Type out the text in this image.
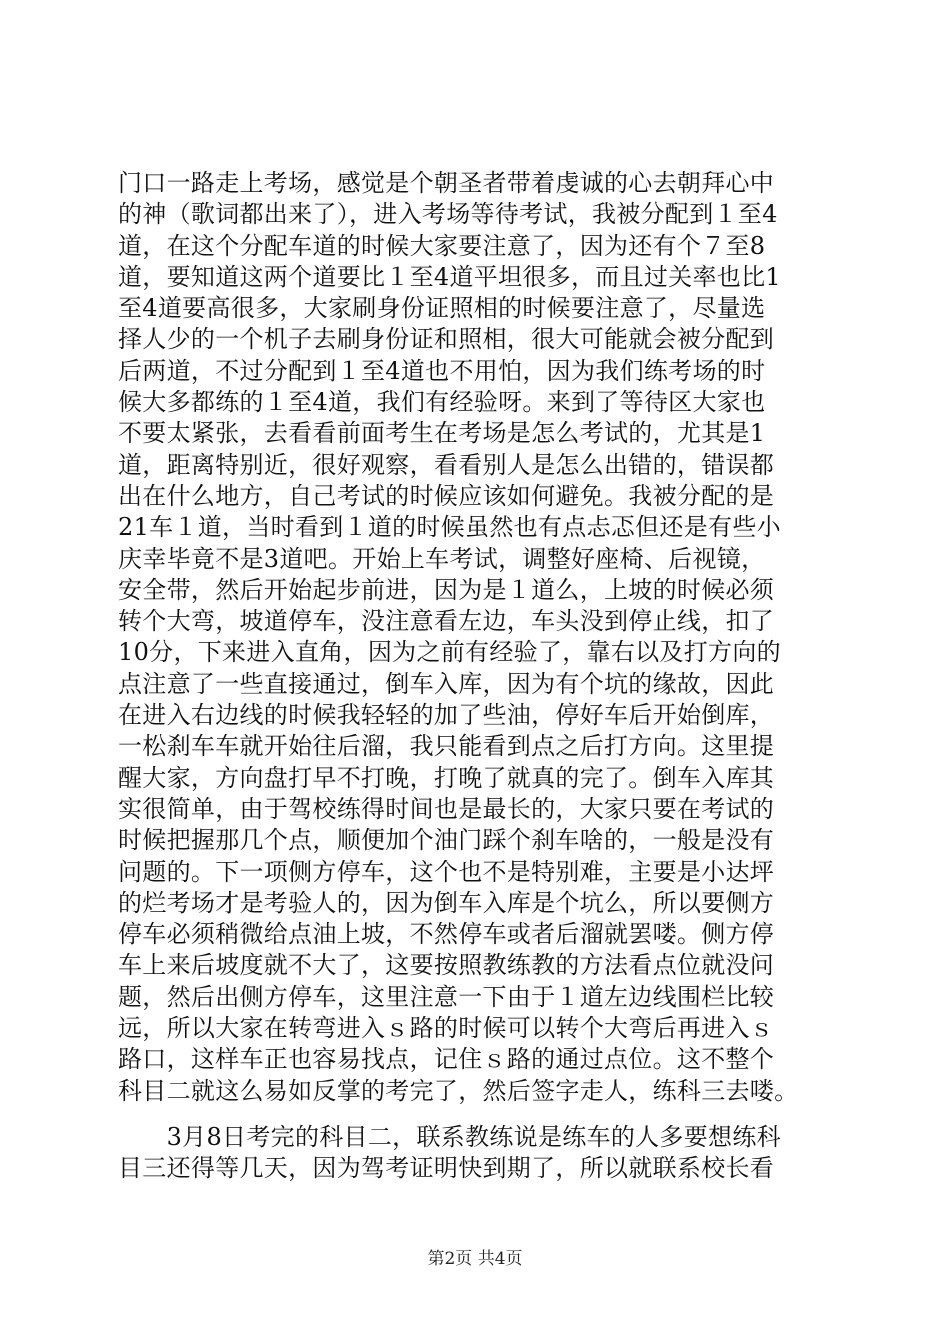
门口一路走上考场，感觉是个朝圣者带着虔诚的心去朝拜心中
的神（歌词都出来了），进入考场等待考试，我被分配到１至4
道，在这个分配车道的时候大家要注意了，因为还有个７至8
道，要知道这两个道要比１至4道平坦很多，而且过关率也比1
至4道要高很多，大家刷身份证照相的时候要注意了，尽量选
择人少的一个机子去刷身份证和照相，很大可能就会被分配到
后两道，不过分配到１至4道也不用怕，因为我们练考场的时
候大多都练的１至4道，我们有经验呀。来到了等待区大家也
不要太紧张，去看看前面考生在考场是怎么考试的，尤其是1
道，距离特别近，很好观察，看看别人是怎么出错的，错误都
出在什么地方，自己考试的时候应该如何避免。我被分配的是
21车１道，当时看到１道的时候虽然也有点忐忑但还是有些小
庆幸毕竟不是3道吧。开始上车考试，调整好座椅、后视镜，
安全带，然后开始起步前进，因为是１道么，上坡的时候必须
转个大弯，坡道停车，没注意看左边，车头没到停止线，扣了
10分，下来进入直角，因为之前有经验了，靠右以及打方向的
点注意了一些直接通过，倒车入库，因为有个坑的缘故，因此
在进入右边线的时候我轻轻的加了些油，停好车后开始倒库，
一松刹车车就开始往后溜，我只能看到点之后打方向。这里提
醒大家，方向盘打早不打晚，打晚了就真的完了。倒车入库其
实很简单，由于驾校练得时间也是最长的，大家只要在考试的
时候把握那几个点，顺便加个油门踩个刹车啥的，一般是没有
问题的。下一项侧方停车，这个也不是特别难，主要是小达坪
的烂考场才是考验人的，因为倒车入库是个坑么，所以要侧方
停车必须稍微给点油上坡，不然停车或者后溜就罢喽。侧方停
车上来后坡度就不大了，这要按照教练教的方法看点位就没问
题，然后出侧方停车，这里注意一下由于１道左边线围栏比较
远，所以大家在转弯进入ｓ路的时候可以转个大弯后再进入ｓ
路口，这样车正也容易找点，记住ｓ路的通过点位。这不整个
科目二就这么易如反掌的考完了，然后签字走人，练科三去喽。
　　3月8日考完的科目二，联系教练说是练车的人多要想练科
目三还得等几天，因为驾考证明快到期了，所以就联系校长看
第2页 共4页
